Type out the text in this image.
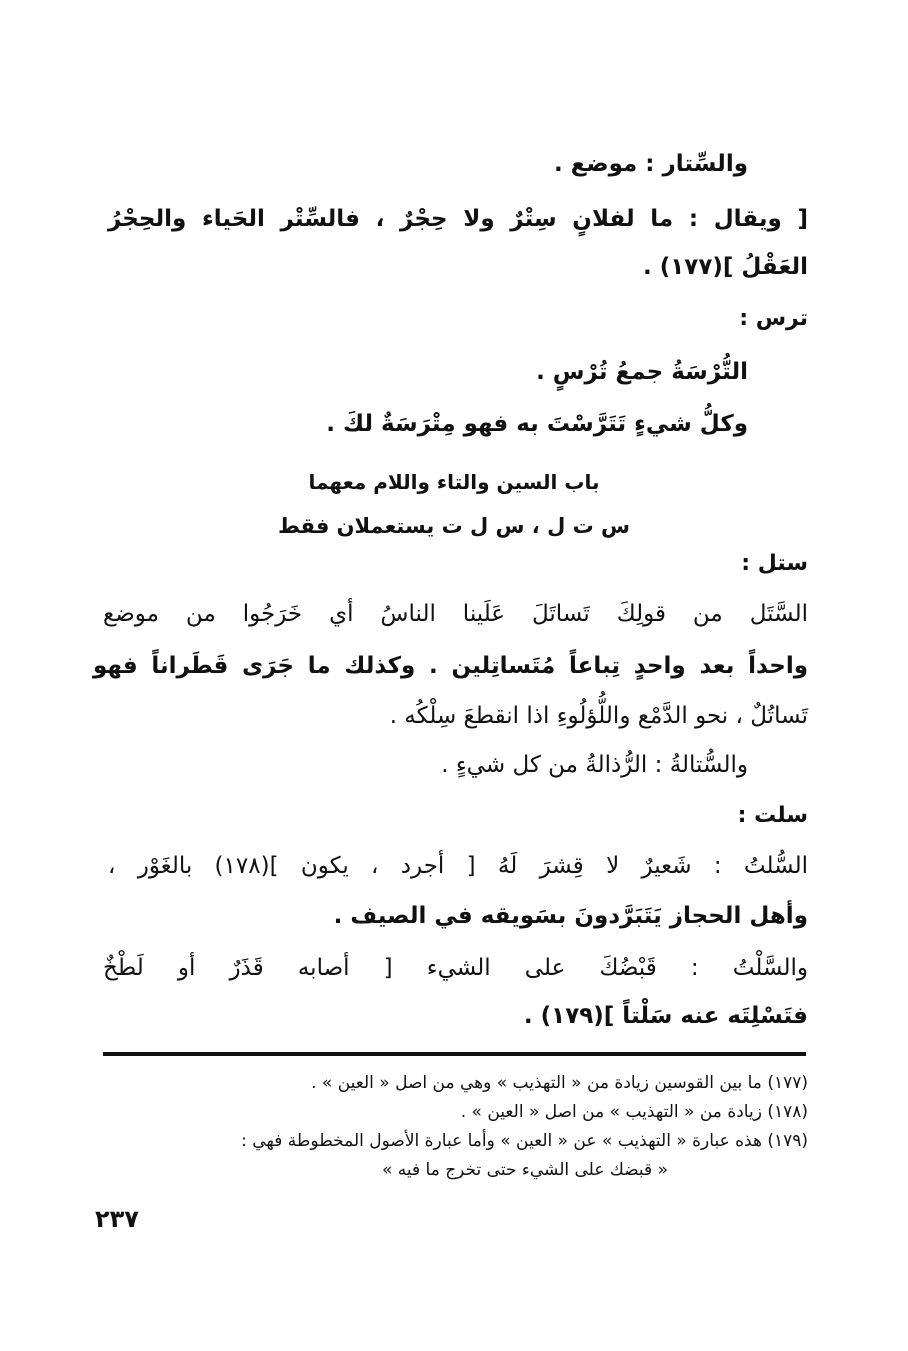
والسِّتار : موضع .
[ ويقال : ما لفلانٍ سِتْرٌ ولا حِجْرٌ ، فالسِّتْر الحَياء والحِجْرُ
العَقْلُ ](١٧٧) .
ترس :
التُّرْسَةُ جمعُ تُرْسٍ .
وكلُّ شيءٍ تَتَرَّسْتَ به فهو مِتْرَسَةٌ لكَ .
باب السين والتاء واللام معهما
س ت ل ، س ل ت يستعملان فقط
ستل :
السَّتَل من قولِكَ تَساتَلَ عَلَينا الناسُ أي خَرَجُوا من موضع
واحداً بعد واحدٍ تِباعاً مُتَساتِلين . وكذلك ما جَرَى قَطَراناً فهو
تَساتُلٌ ، نحو الدَّمْع واللُّؤلُوءِ اذا انقطعَ سِلْكُه .
والسُّتالةُ : الرُّذالةُ من كل شيءٍ .
سلت :
السُّلتُ : شَعيرٌ لا قِشرَ لَهُ [ أجرد ، يكون ](١٧٨) بالغَوْر ،
وأهل الحجاز يَتَبَرَّدونَ بسَويقه في الصيف .
والسَّلْتُ : قَبْضُكَ على الشيء [ أصابه قَذَرٌ أو لَطْخٌ
فتَسْلِتَه عنه سَلْتاً ](١٧٩) .
(١٧٧) ما بين القوسين زيادة من « التهذيب » وهي من اصل « العين » .
(١٧٨) زيادة من « التهذيب » من اصل « العين » .
(١٧٩) هذه عبارة « التهذيب » عن « العين » وأما عبارة الأصول المخطوطة فهي :
« قبضك على الشيء حتى تخرج ما فيه »
٢٣٧
